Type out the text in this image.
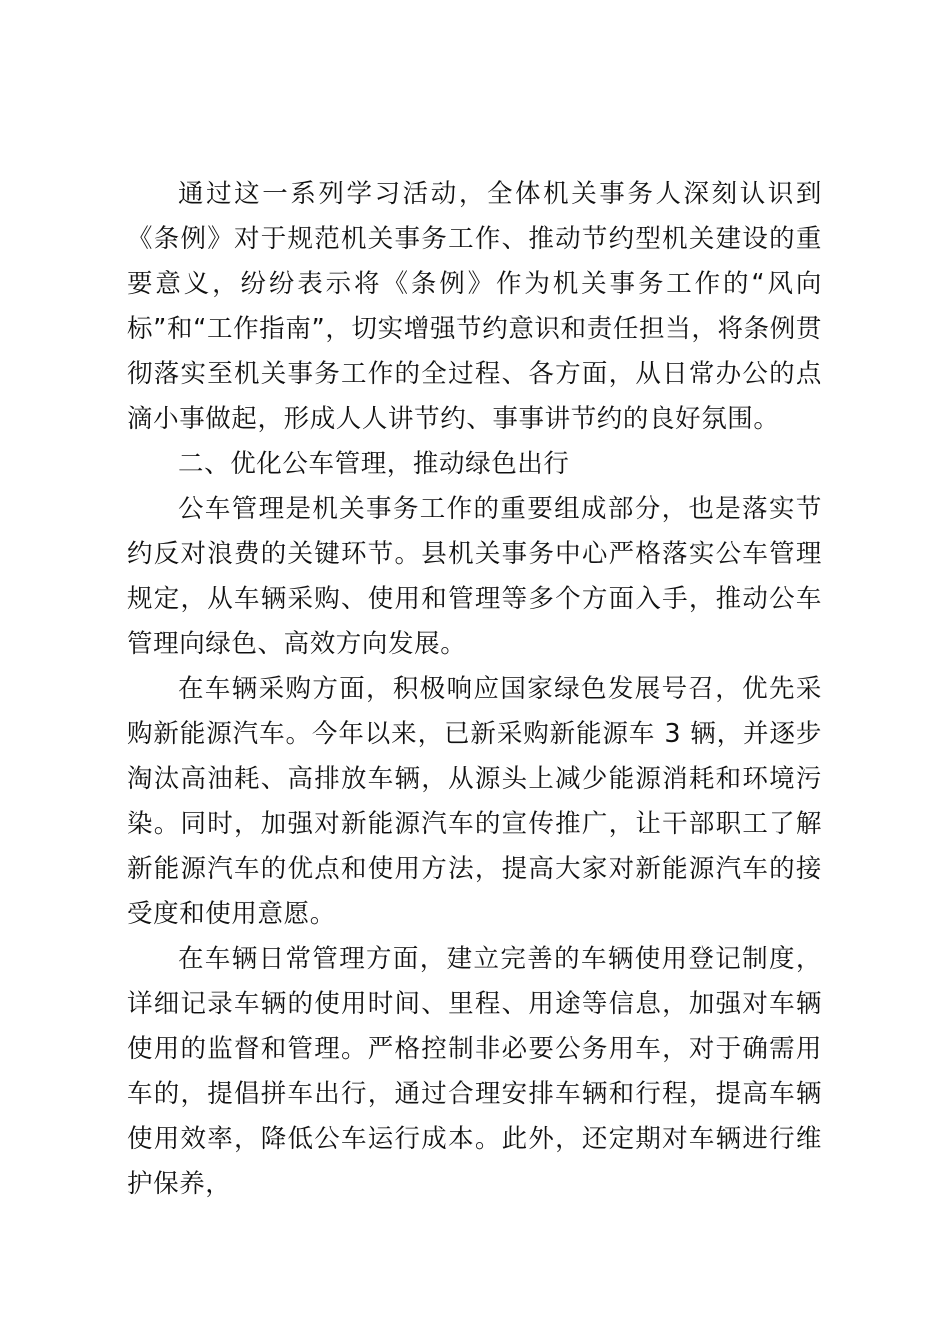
通过这一系列学习活动，全体机关事务人深刻认识到《条例》对于规范机关事务工作、推动节约型机关建设的重要意义，纷纷表示将《条例》作为机关事务工作的“风向标”和“工作指南”，切实增强节约意识和责任担当，将条例贯彻落实至机关事务工作的全过程、各方面，从日常办公的点滴小事做起，形成人人讲节约、事事讲节约的良好氛围。

二、优化公车管理，推动绿色出行

公车管理是机关事务工作的重要组成部分，也是落实节约反对浪费的关键环节。县机关事务中心严格落实公车管理规定，从车辆采购、使用和管理等多个方面入手，推动公车管理向绿色、高效方向发展。

在车辆采购方面，积极响应国家绿色发展号召，优先采购新能源汽车。今年以来，已新采购新能源车 3 辆，并逐步淘汰高油耗、高排放车辆，从源头上减少能源消耗和环境污染。同时，加强对新能源汽车的宣传推广，让干部职工了解新能源汽车的优点和使用方法，提高大家对新能源汽车的接受度和使用意愿。

在车辆日常管理方面，建立完善的车辆使用登记制度，详细记录车辆的使用时间、里程、用途等信息，加强对车辆使用的监督和管理。严格控制非必要公务用车，对于确需用车的，提倡拼车出行，通过合理安排车辆和行程，提高车辆使用效率，降低公车运行成本。此外，还定期对车辆进行维护保养，
